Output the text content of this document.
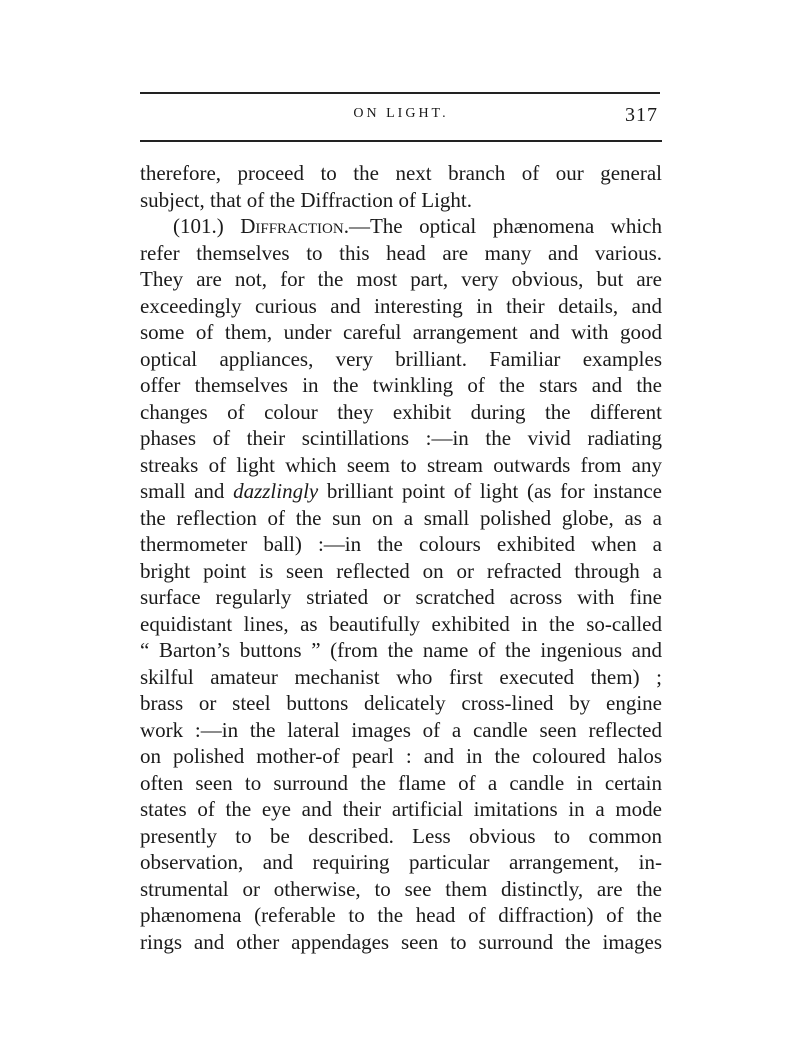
ON LIGHT.	317
therefore, proceed to the next branch of our general
subject, that of the Diffraction of Light.
(101.) Diffraction.—The optical phænomena which
refer themselves to this head are many and various.
They are not, for the most part, very obvious, but are
exceedingly curious and interesting in their details, and
some of them, under careful arrangement and with good
optical appliances, very brilliant. Familiar examples
offer themselves in the twinkling of the stars and the
changes of colour they exhibit during the different
phases of their scintillations :—in the vivid radiating
streaks of light which seem to stream outwards from any
small and dazzlingly brilliant point of light (as for instance
the reflection of the sun on a small polished globe, as a
thermometer ball) :—in the colours exhibited when a
bright point is seen reflected on or refracted through a
surface regularly striated or scratched across with fine
equidistant lines, as beautifully exhibited in the so-called
“ Barton’s buttons ” (from the name of the ingenious and
skilful amateur mechanist who first executed them) ;
brass or steel buttons delicately cross-lined by engine
work :—in the lateral images of a candle seen reflected
on polished mother-of pearl : and in the coloured halos
often seen to surround the flame of a candle in certain
states of the eye and their artificial imitations in a mode
presently to be described. Less obvious to common
observation, and requiring particular arrangement, in-
strumental or otherwise, to see them distinctly, are the
phænomena (referable to the head of diffraction) of the
rings and other appendages seen to surround the images
